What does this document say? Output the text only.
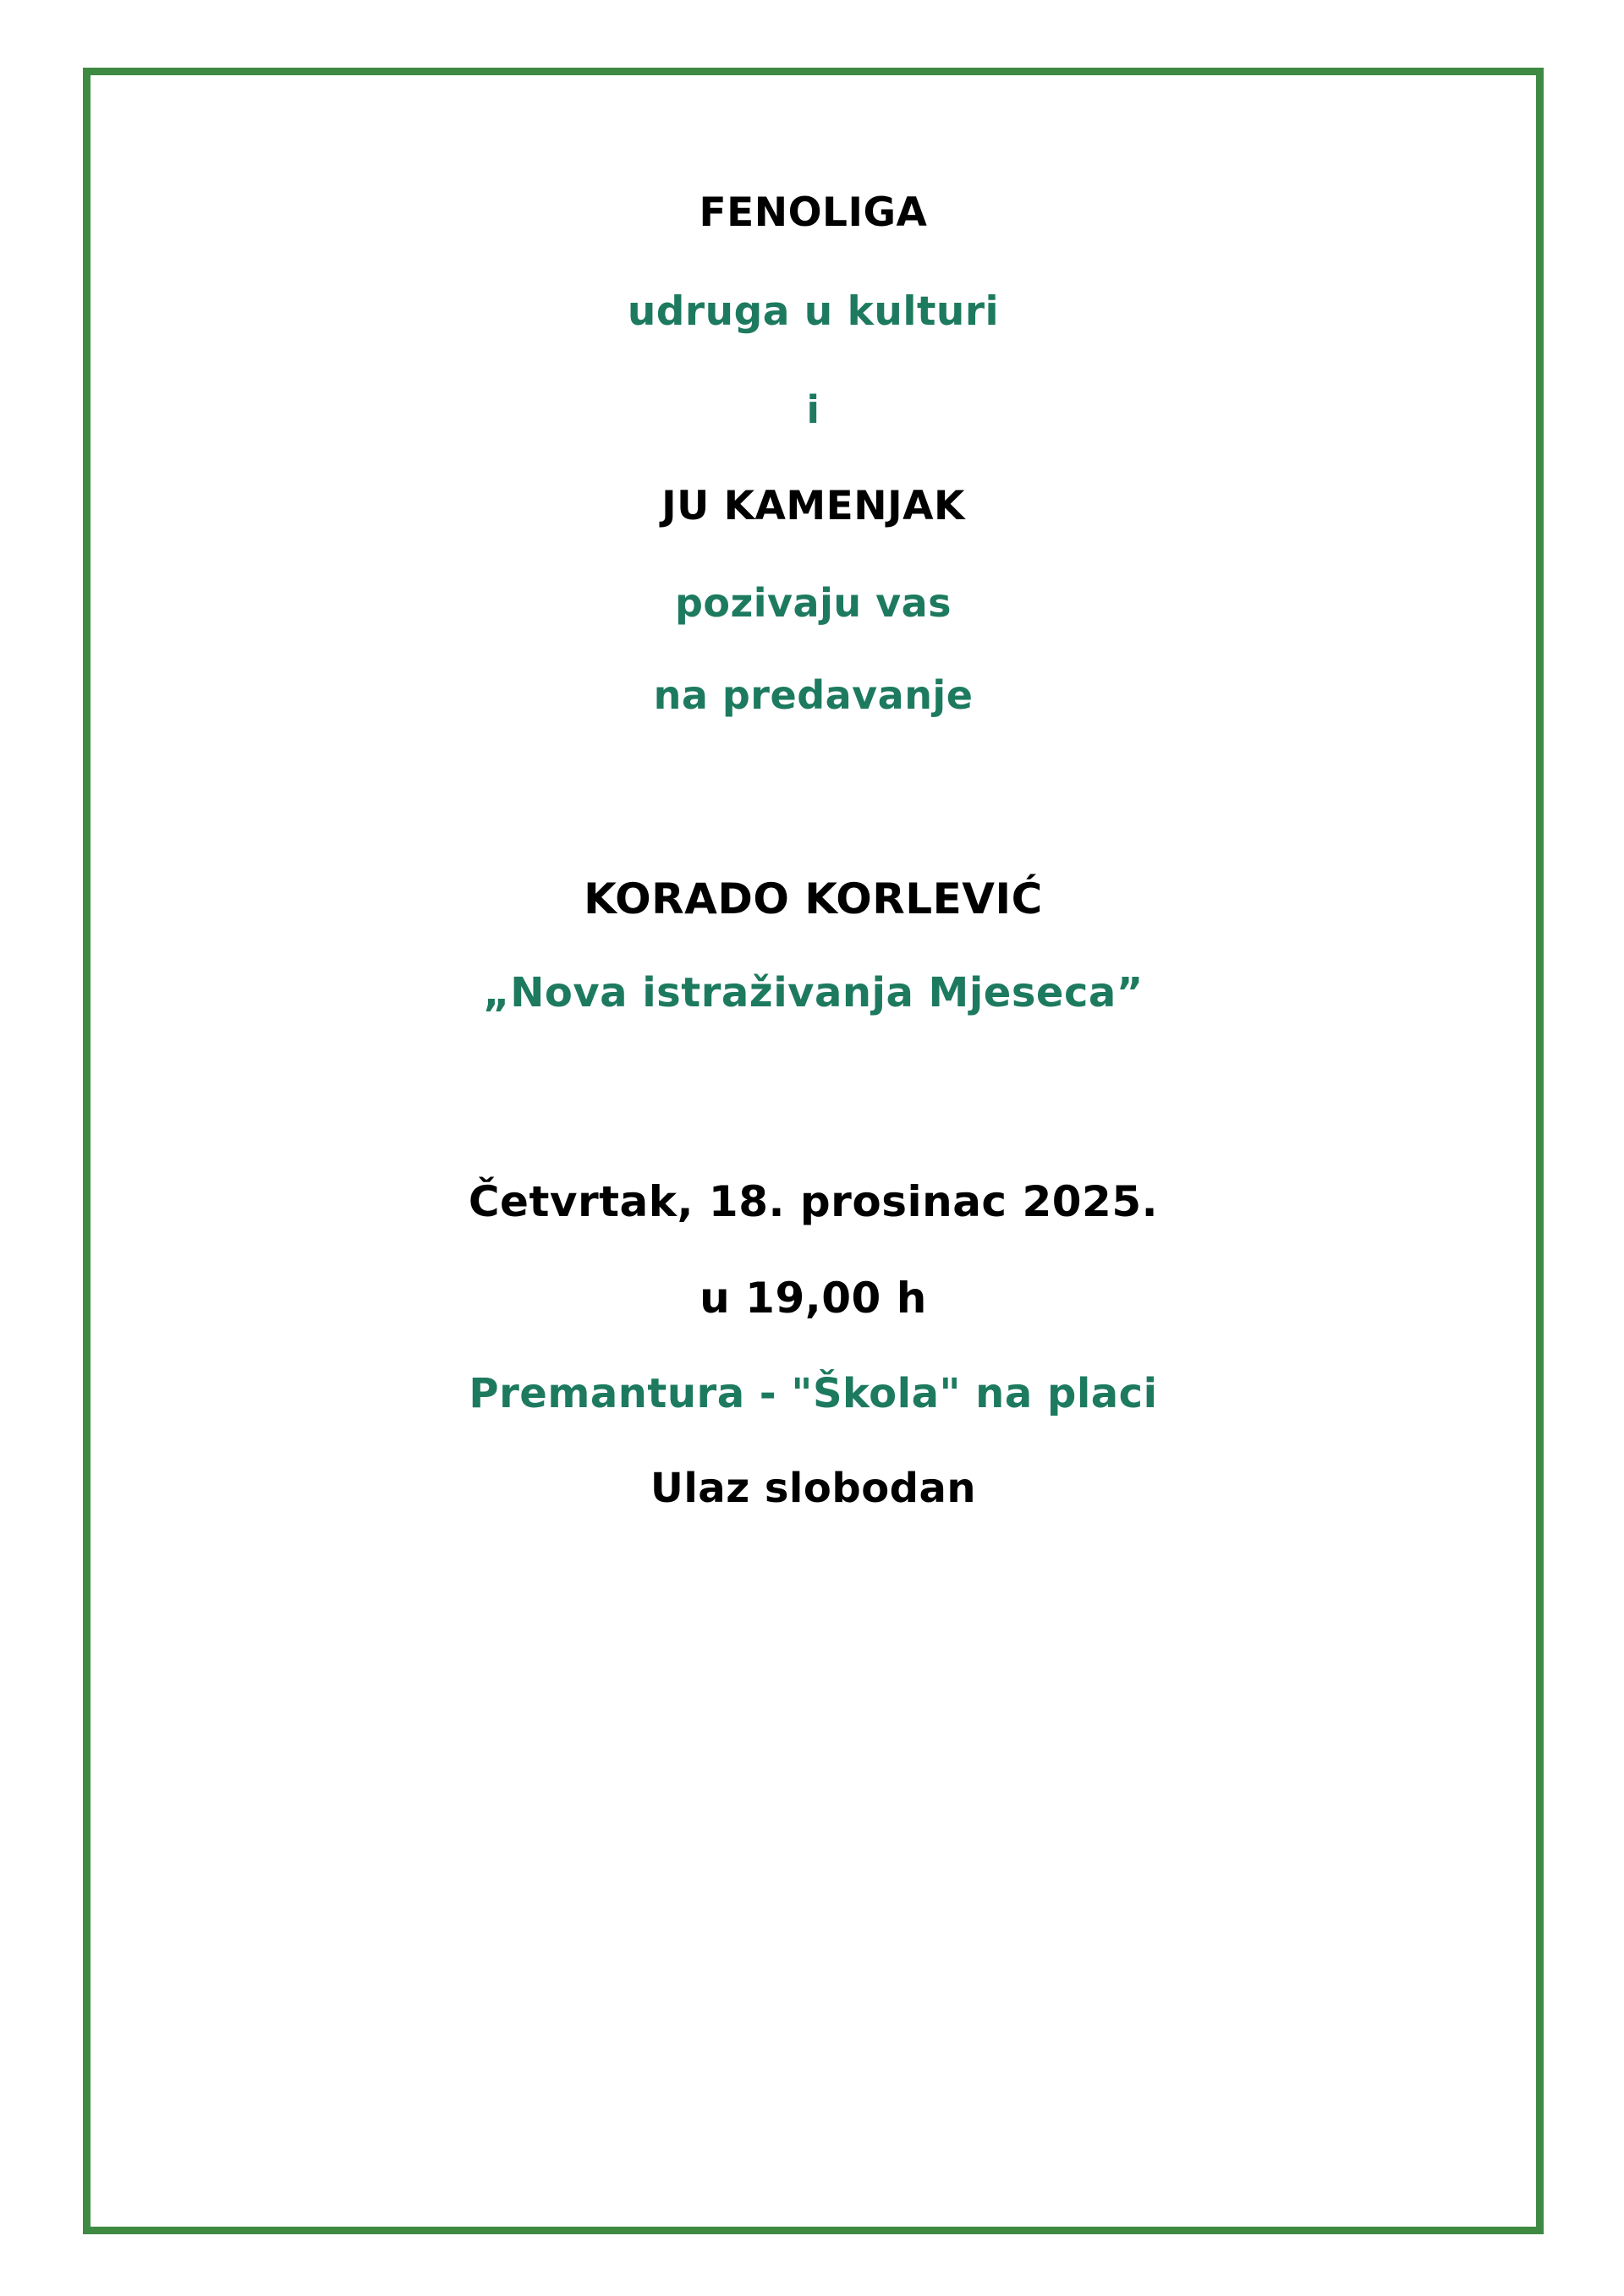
FENOLIGA
udruga u kulturi
i
JU KAMENJAK
pozivaju vas
na predavanje
KORADO KORLEVIĆ
„Nova istraživanja Mjeseca”
Četvrtak, 18. prosinac 2025.
u 19,00 h
Premantura - "Škola" na placi
Ulaz slobodan
